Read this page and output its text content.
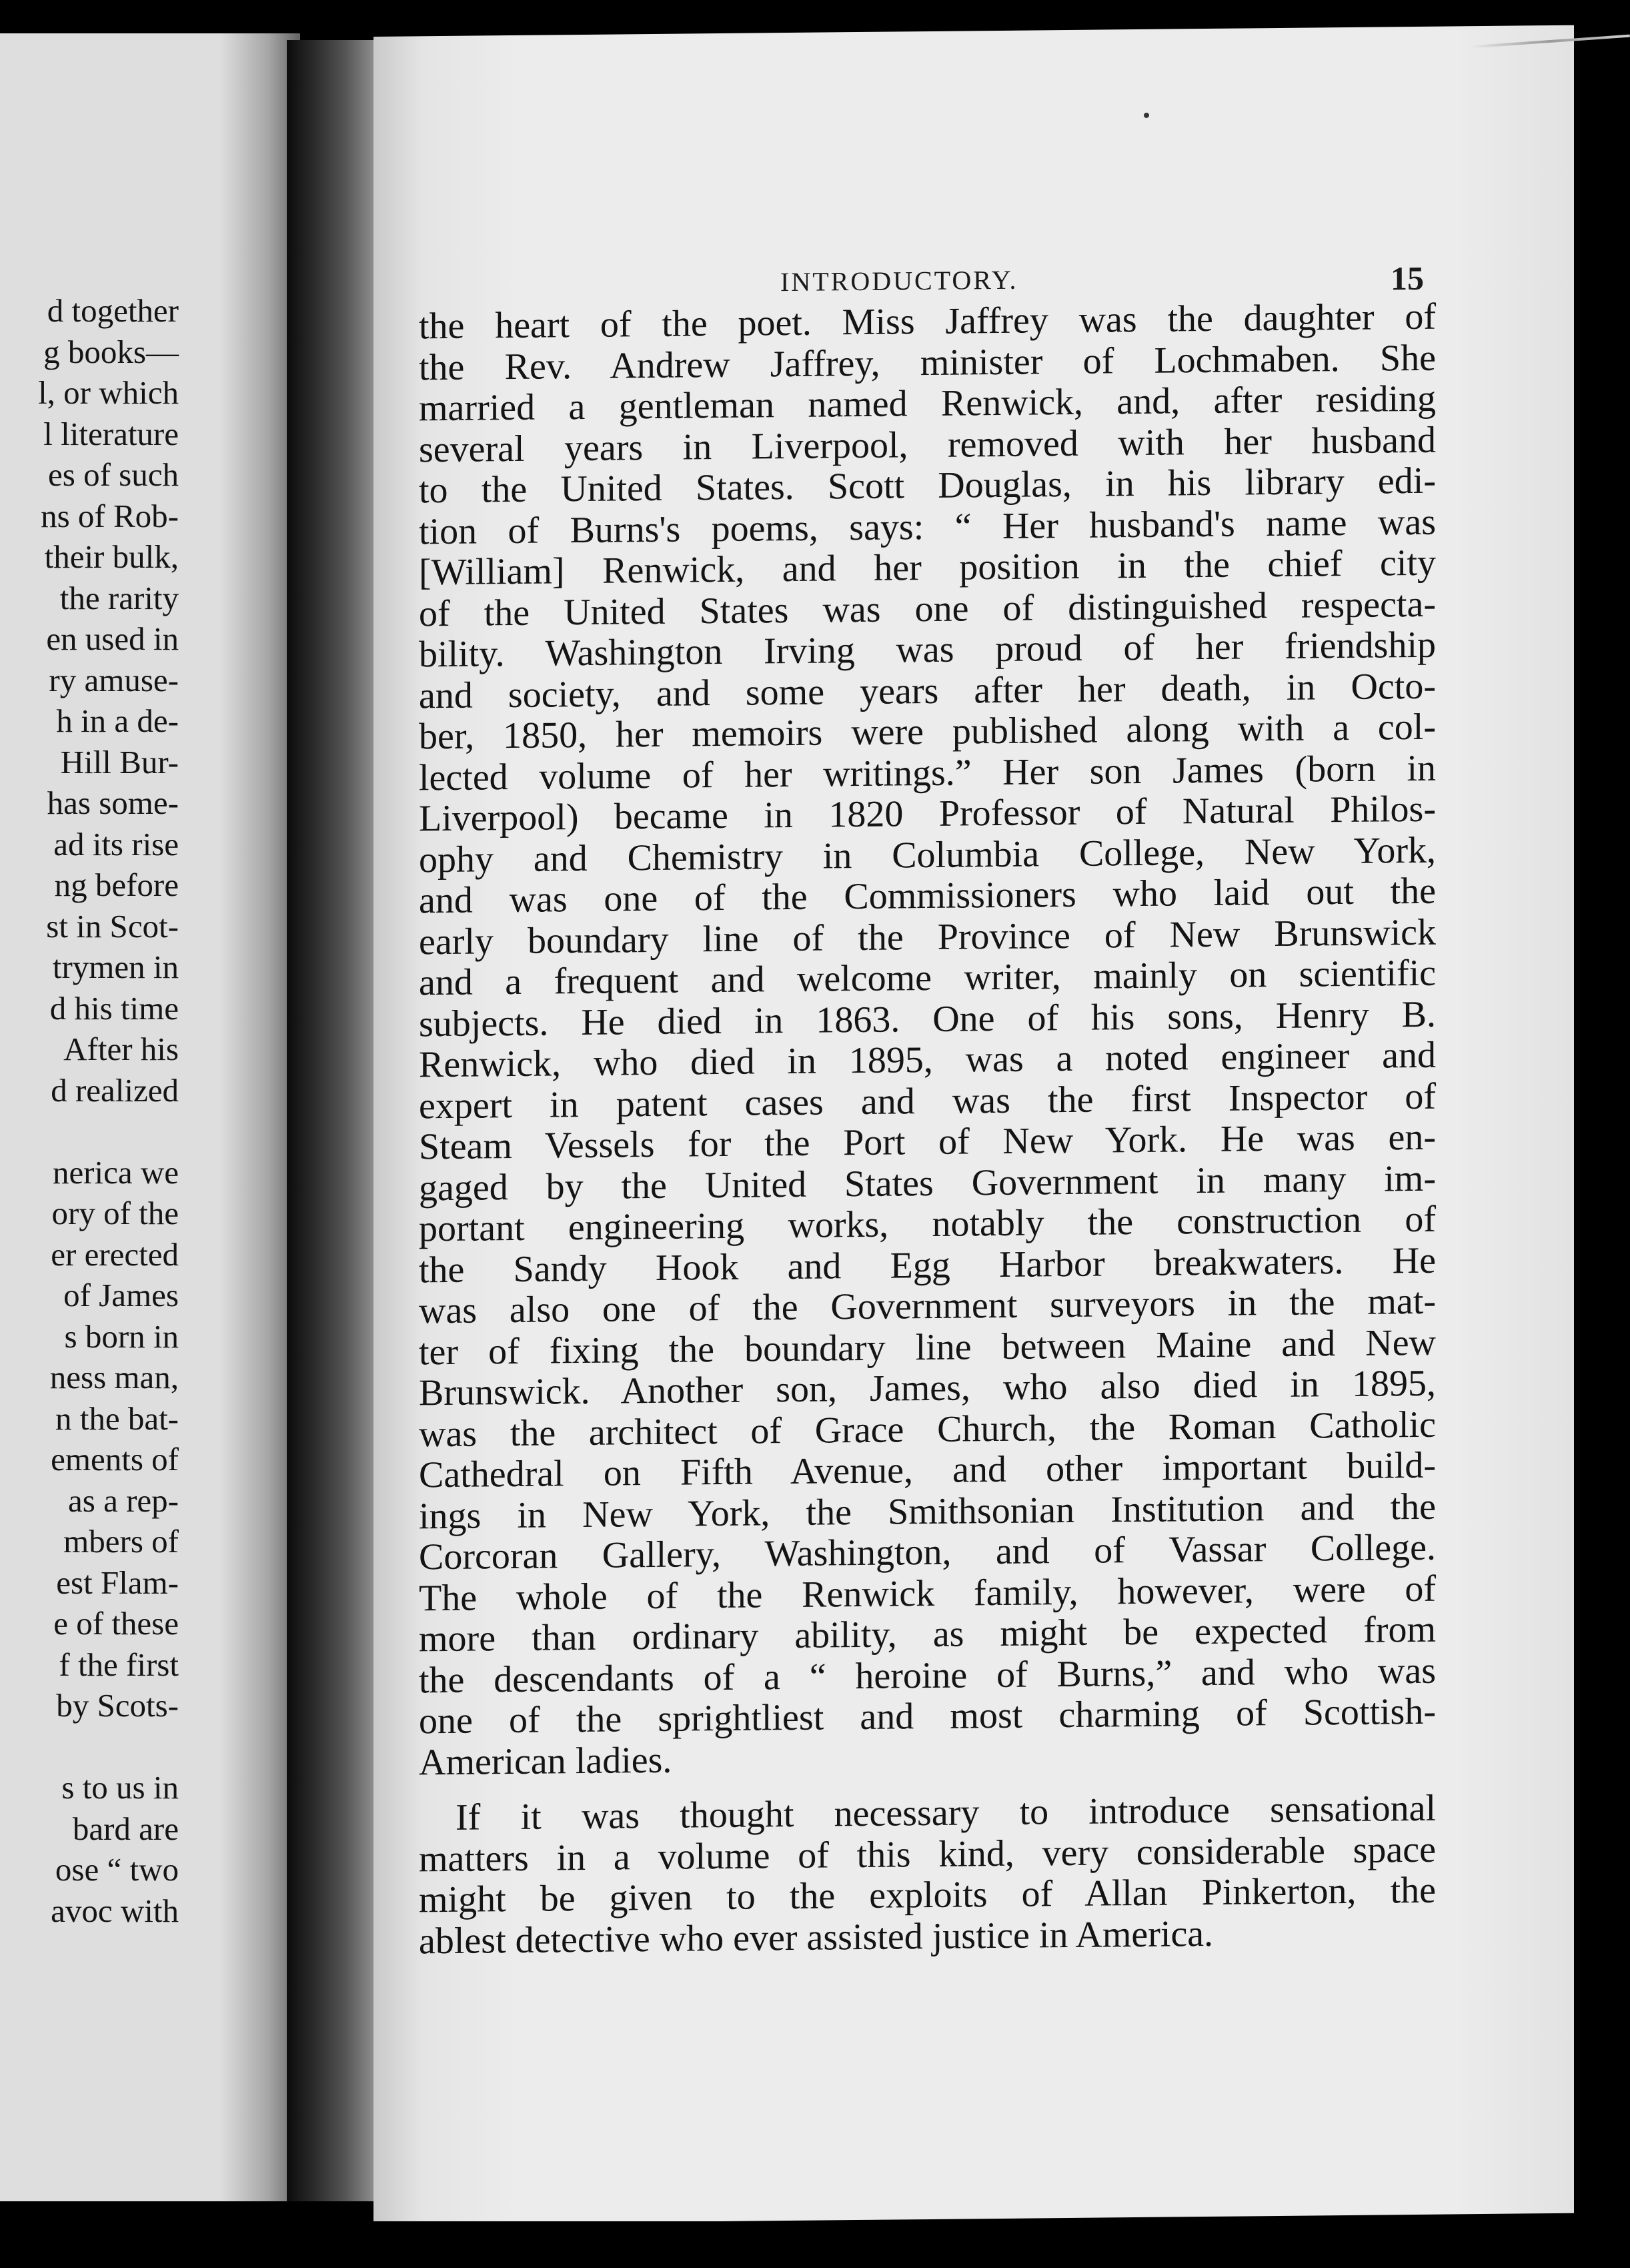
d together
g books—
l, or which
l literature
es of such
ns of Rob-
their bulk,
the rarity
en used in
ry amuse-
h in a de-
Hill Bur-
has some-
ad its rise
ng before
st in Scot-
trymen in
d his time
After his
d realized
nerica we
ory of the
er erected
of James
s born in
ness man,
n the bat-
ements of
as a rep-
mbers of
est Flam-
e of these
f the first
by Scots-
s to us in
bard are
ose “ two
avoc with
INTRODUCTORY.	15
the heart of the poet. Miss Jaffrey was the daughter of
the Rev. Andrew Jaffrey, minister of Lochmaben. She
married a gentleman named Renwick, and, after residing
several years in Liverpool, removed with her husband
to the United States. Scott Douglas, in his library edi-
tion of Burns's poems, says: “ Her husband's name was
[William] Renwick, and her position in the chief city
of the United States was one of distinguished respecta-
bility. Washington Irving was proud of her friendship
and society, and some years after her death, in Octo-
ber, 1850, her memoirs were published along with a col-
lected volume of her writings.” Her son James (born in
Liverpool) became in 1820 Professor of Natural Philos-
ophy and Chemistry in Columbia College, New York,
and was one of the Commissioners who laid out the
early boundary line of the Province of New Brunswick
and a frequent and welcome writer, mainly on scientific
subjects. He died in 1863. One of his sons, Henry B.
Renwick, who died in 1895, was a noted engineer and
expert in patent cases and was the first Inspector of
Steam Vessels for the Port of New York. He was en-
gaged by the United States Government in many im-
portant engineering works, notably the construction of
the Sandy Hook and Egg Harbor breakwaters. He
was also one of the Government surveyors in the mat-
ter of fixing the boundary line between Maine and New
Brunswick. Another son, James, who also died in 1895,
was the architect of Grace Church, the Roman Catholic
Cathedral on Fifth Avenue, and other important build-
ings in New York, the Smithsonian Institution and the
Corcoran Gallery, Washington, and of Vassar College.
The whole of the Renwick family, however, were of
more than ordinary ability, as might be expected from
the descendants of a “ heroine of Burns,” and who was
one of the sprightliest and most charming of Scottish-
American ladies.
If it was thought necessary to introduce sensational
matters in a volume of this kind, very considerable space
might be given to the exploits of Allan Pinkerton, the
ablest detective who ever assisted justice in America.
